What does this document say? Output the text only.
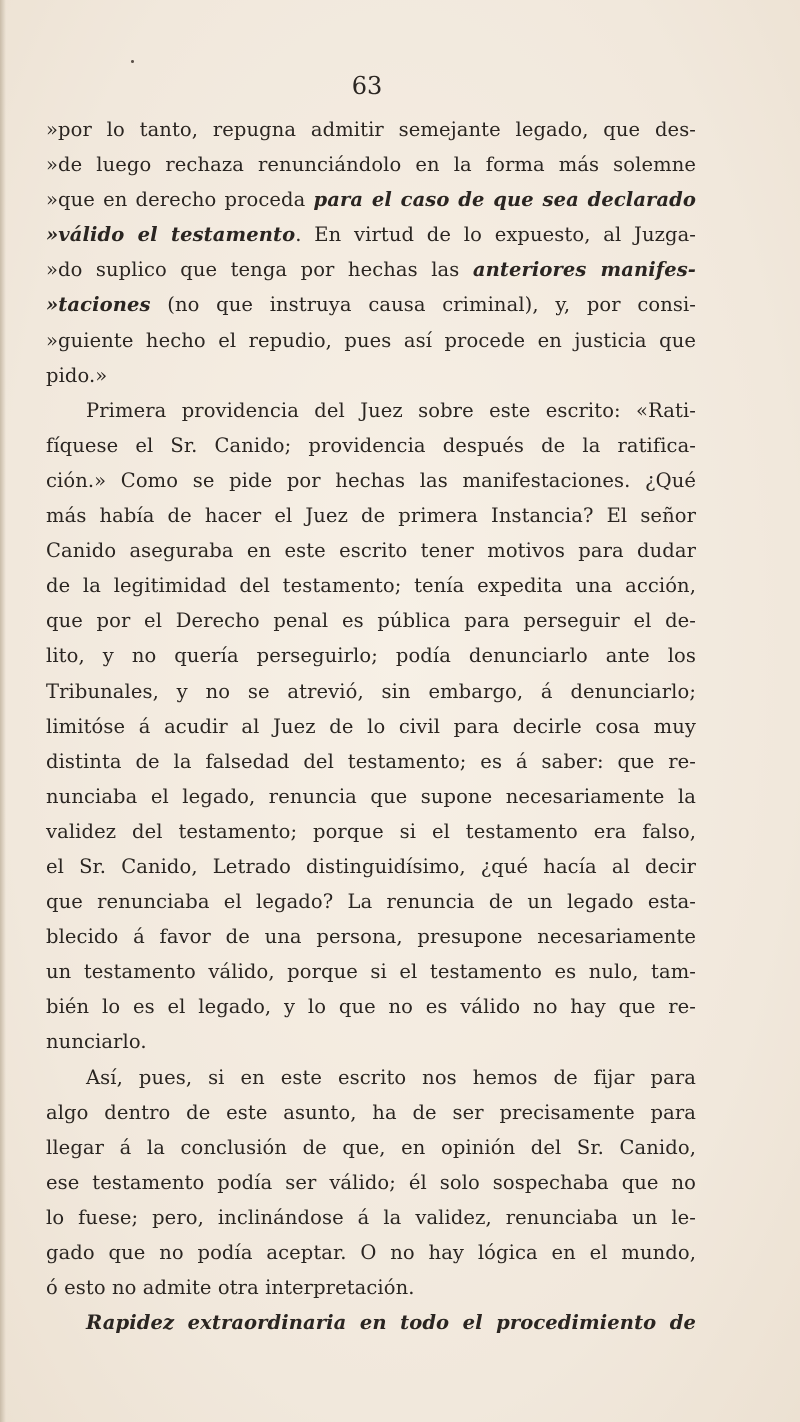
63
»por lo tanto, repugna admitir semejante legado, que des-
»de luego rechaza renunciándolo en la forma más solemne
»que en derecho proceda para el caso de que sea declarado
»válido el testamento. En virtud de lo expuesto, al Juzga-
»do suplico que tenga por hechas las anteriores manifes-
»taciones (no que instruya causa criminal), y, por consi-
»guiente hecho el repudio, pues así procede en justicia que
pido.»
Primera providencia del Juez sobre este escrito: «Rati-
fíquese el Sr. Canido; providencia después de la ratifica-
ción.» Como se pide por hechas las manifestaciones. ¿Qué
más había de hacer el Juez de primera Instancia? El señor
Canido aseguraba en este escrito tener motivos para dudar
de la legitimidad del testamento; tenía expedita una acción,
que por el Derecho penal es pública para perseguir el de-
lito, y no quería perseguirlo; podía denunciarlo ante los
Tribunales, y no se atrevió, sin embargo, á denunciarlo;
limitóse á acudir al Juez de lo civil para decirle cosa muy
distinta de la falsedad del testamento; es á saber: que re-
nunciaba el legado, renuncia que supone necesariamente la
validez del testamento; porque si el testamento era falso,
el Sr. Canido, Letrado distinguidísimo, ¿qué hacía al decir
que renunciaba el legado? La renuncia de un legado esta-
blecido á favor de una persona, presupone necesariamente
un testamento válido, porque si el testamento es nulo, tam-
bién lo es el legado, y lo que no es válido no hay que re-
nunciarlo.
Así, pues, si en este escrito nos hemos de fijar para
algo dentro de este asunto, ha de ser precisamente para
llegar á la conclusión de que, en opinión del Sr. Canido,
ese testamento podía ser válido; él solo sospechaba que no
lo fuese; pero, inclinándose á la validez, renunciaba un le-
gado que no podía aceptar. O no hay lógica en el mundo,
ó esto no admite otra interpretación.
Rapidez extraordinaria en todo el procedimiento de
